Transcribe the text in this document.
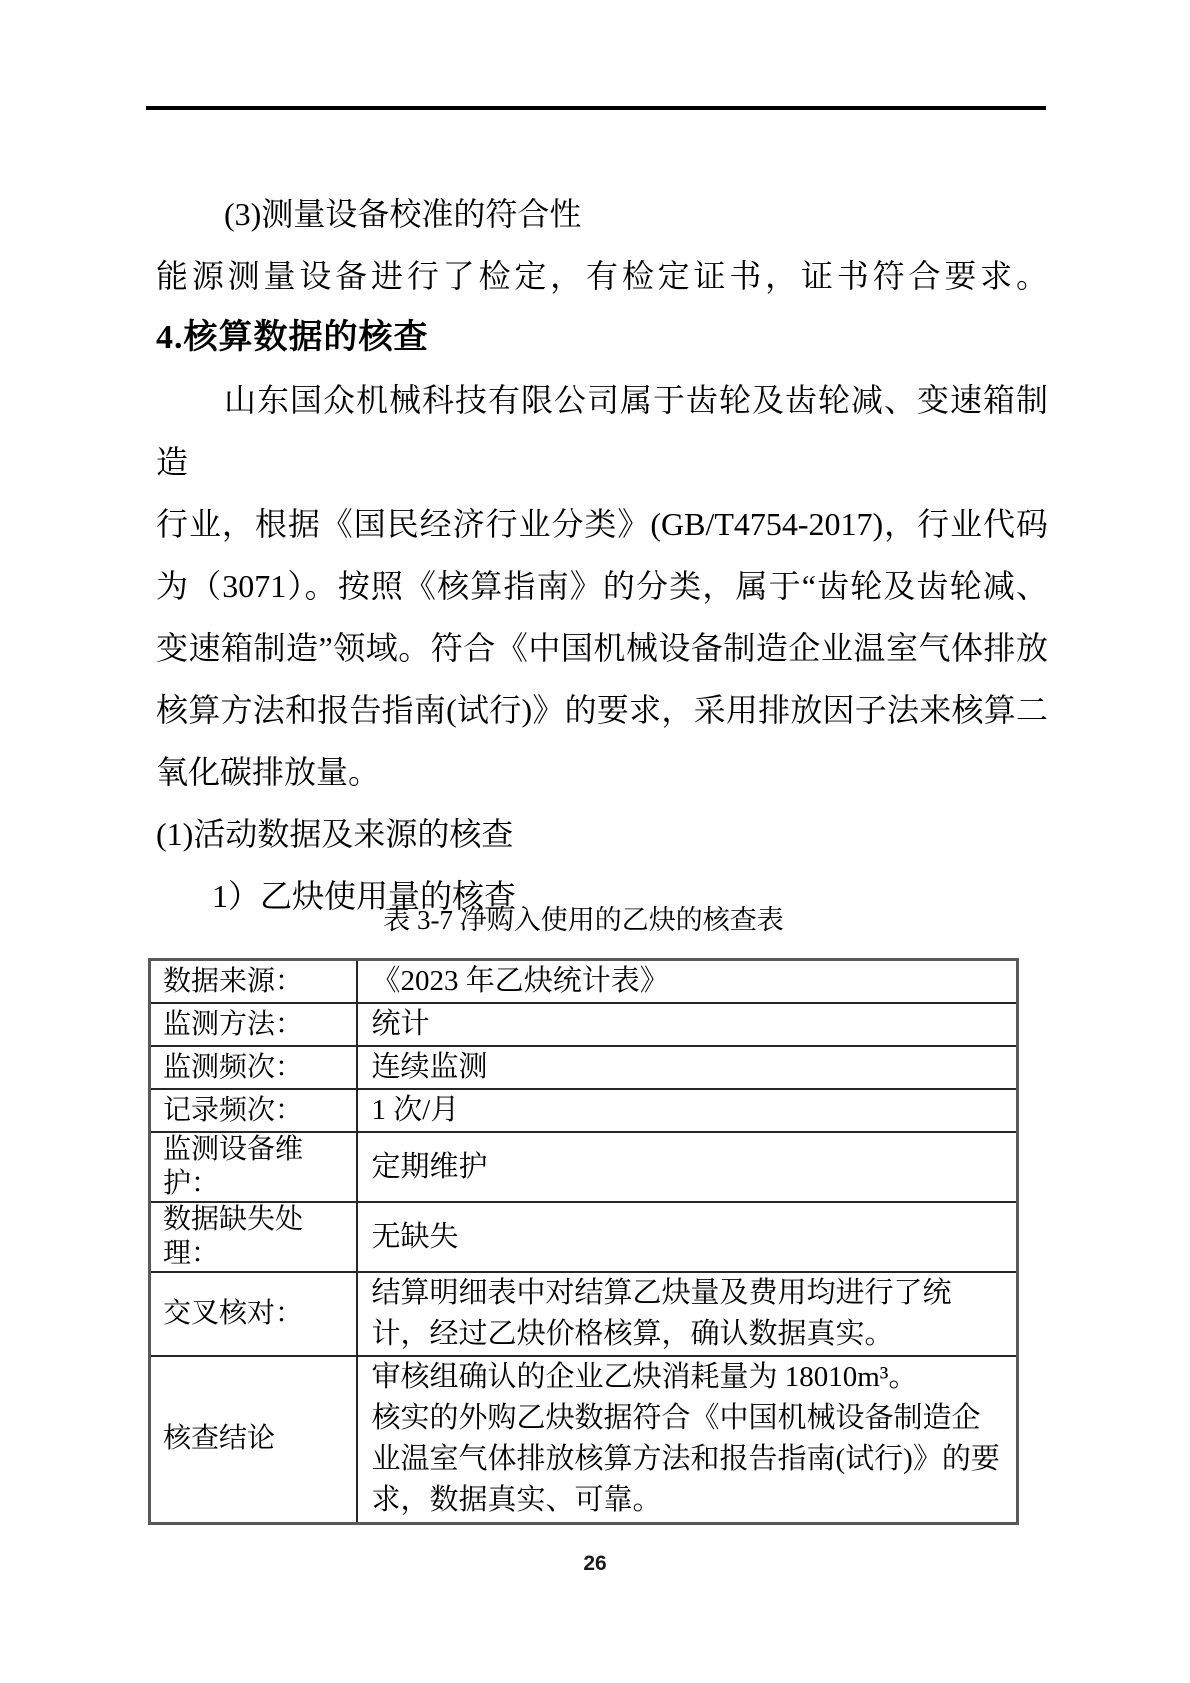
(3)测量设备校准的符合性
能源测量设备进行了检定，有检定证书，证书符合要求。
4.核算数据的核查
山东国众机械科技有限公司属于齿轮及齿轮减、变速箱制造
行业，根据《国民经济行业分类》(GB/T4754-2017)，行业代码
为（3071）。按照《核算指南》的分类，属于“齿轮及齿轮减、
变速箱制造”领域。符合《中国机械设备制造企业温室气体排放
核算方法和报告指南(试行)》的要求，采用排放因子法来核算二
氧化碳排放量。
(1)活动数据及来源的核查
1）乙炔使用量的核查
表 3-7 净购入使用的乙炔的核查表
数据来源：	《2023 年乙炔统计表》
监测方法：	统计
监测频次：	连续监测
记录频次：	1 次/月
监测设备维护：	定期维护
数据缺失处理：	无缺失
交叉核对：	结算明细表中对结算乙炔量及费用均进行了统计，经过乙炔价格核算，确认数据真实。
核查结论	审核组确认的企业乙炔消耗量为 18010m³。
核实的外购乙炔数据符合《中国机械设备制造企业温室气体排放核算方法和报告指南(试行)》的要求，数据真实、可靠。
26
